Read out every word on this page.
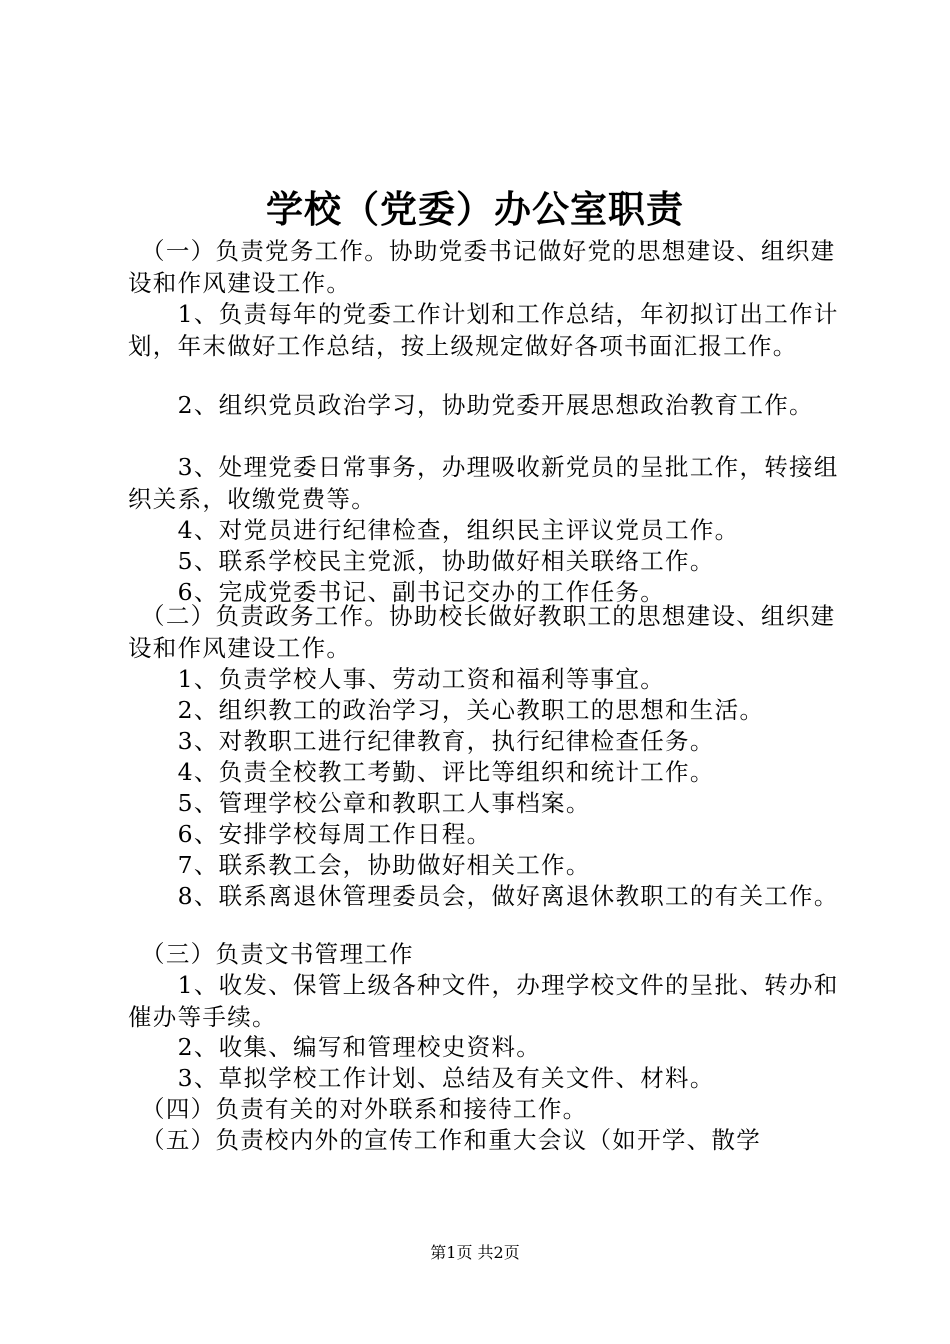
学校（党委）办公室职责
　（一）负责党务工作。协助党委书记做好党的思想建设、组织建设和作风建设工作。
　　1、负责每年的党委工作计划和工作总结，年初拟订出工作计划，年末做好工作总结，按上级规定做好各项书面汇报工作。
　　2、组织党员政治学习，协助党委开展思想政治教育工作。
　　3、处理党委日常事务，办理吸收新党员的呈批工作，转接组织关系，收缴党费等。
　　4、对党员进行纪律检查，组织民主评议党员工作。
　　5、联系学校民主党派，协助做好相关联络工作。
　　6、完成党委书记、副书记交办的工作任务。
　（二）负责政务工作。协助校长做好教职工的思想建设、组织建设和作风建设工作。
　　1、负责学校人事、劳动工资和福利等事宜。
　　2、组织教工的政治学习，关心教职工的思想和生活。
　　3、对教职工进行纪律教育，执行纪律检查任务。
　　4、负责全校教工考勤、评比等组织和统计工作。
　　5、管理学校公章和教职工人事档案。
　　6、安排学校每周工作日程。
　　7、联系教工会，协助做好相关工作。
　　8、联系离退休管理委员会，做好离退休教职工的有关工作。
　（三）负责文书管理工作
　　1、收发、保管上级各种文件，办理学校文件的呈批、转办和催办等手续。
　　2、收集、编写和管理校史资料。
　　3、草拟学校工作计划、总结及有关文件、材料。
　（四）负责有关的对外联系和接待工作。
　（五）负责校内外的宣传工作和重大会议（如开学、散学
第1页 共2页
